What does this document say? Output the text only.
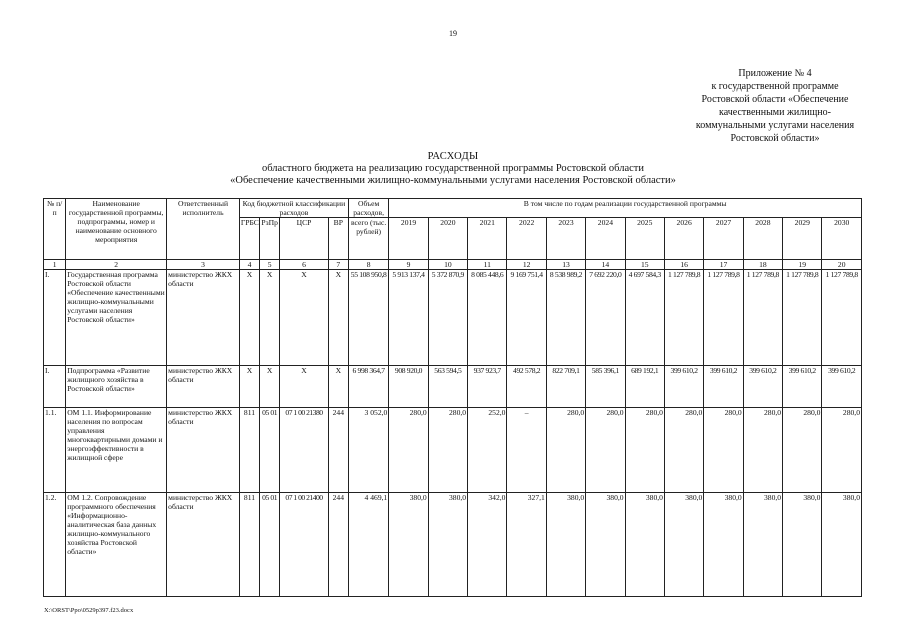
19
Приложение № 4
к государственной программе
Ростовской области «Обеспечение
качественными жилищно-
коммунальными услугами населения
Ростовской области»
РАСХОДЫ
областного бюджета на реализацию государственной программы Ростовской области
«Обеспечение качественными жилищно-коммунальными услугами населения Ростовской области»
№ п/п	Наименование государственной программы, подпрограммы, номер и наименование основного мероприятия	Ответственный исполнитель	Код бюджетной классификации расходов				Объем расходов,	В том числе по годам реализации государственной программы											
			ГРБС	РзПр	ЦСР	ВР	всего (тыс. рублей)	2019	2020	2021	2022	2023	2024	2025	2026	2027	2028	2029	2030
1	2	3	4	5	6	7	8	9	10	11	12	13	14	15	16	17	18	19	20
I.	Государственная программа Ростовской области «Обеспечение качественными жилищно-коммунальными услугами населения Ростовской области»	министерство ЖКХ области	X	X	X	X	55 108 950,8	5 913 137,4	5 372 870,9	8 085 448,6	9 169 751,4	8 538 989,2	7 692 220,0	4 697 584,3	1 127 789,8	1 127 789,8	1 127 789,8	1 127 789,8	1 127 789,8
I.	Подпрограмма «Развитие жилищного хозяйства в Ростовской области»	министерство ЖКХ области	X	X	X	X	6 998 364,7	908 920,0	563 594,5	937 923,7	492 578,2	822 709,1	585 396,1	689 192,1	399 610,2	399 610,2	399 610,2	399 610,2	399 610,2
1.1.	ОМ 1.1. Информирование населения по вопросам управления многоквартирными домами и энергоэффективности в жилищной сфере	министерство ЖКХ области	811	05 01	07 1 00 21380	244	3 052,0	280,0	280,0	252,0	–	280,0	280,0	280,0	280,0	280,0	280,0	280,0	280,0
1.2.	ОМ 1.2. Сопровождение программного обеспечения «Информационно-аналитическая база данных жилищно-коммунального хозяйства Ростовской области»	министерство ЖКХ области	811	05 01	07 1 00 21400	244	4 469,1	380,0	380,0	342,0	327,1	380,0	380,0	380,0	380,0	380,0	380,0	380,0	380,0
X:\ORST\Ppo\0529p397.f23.docx
